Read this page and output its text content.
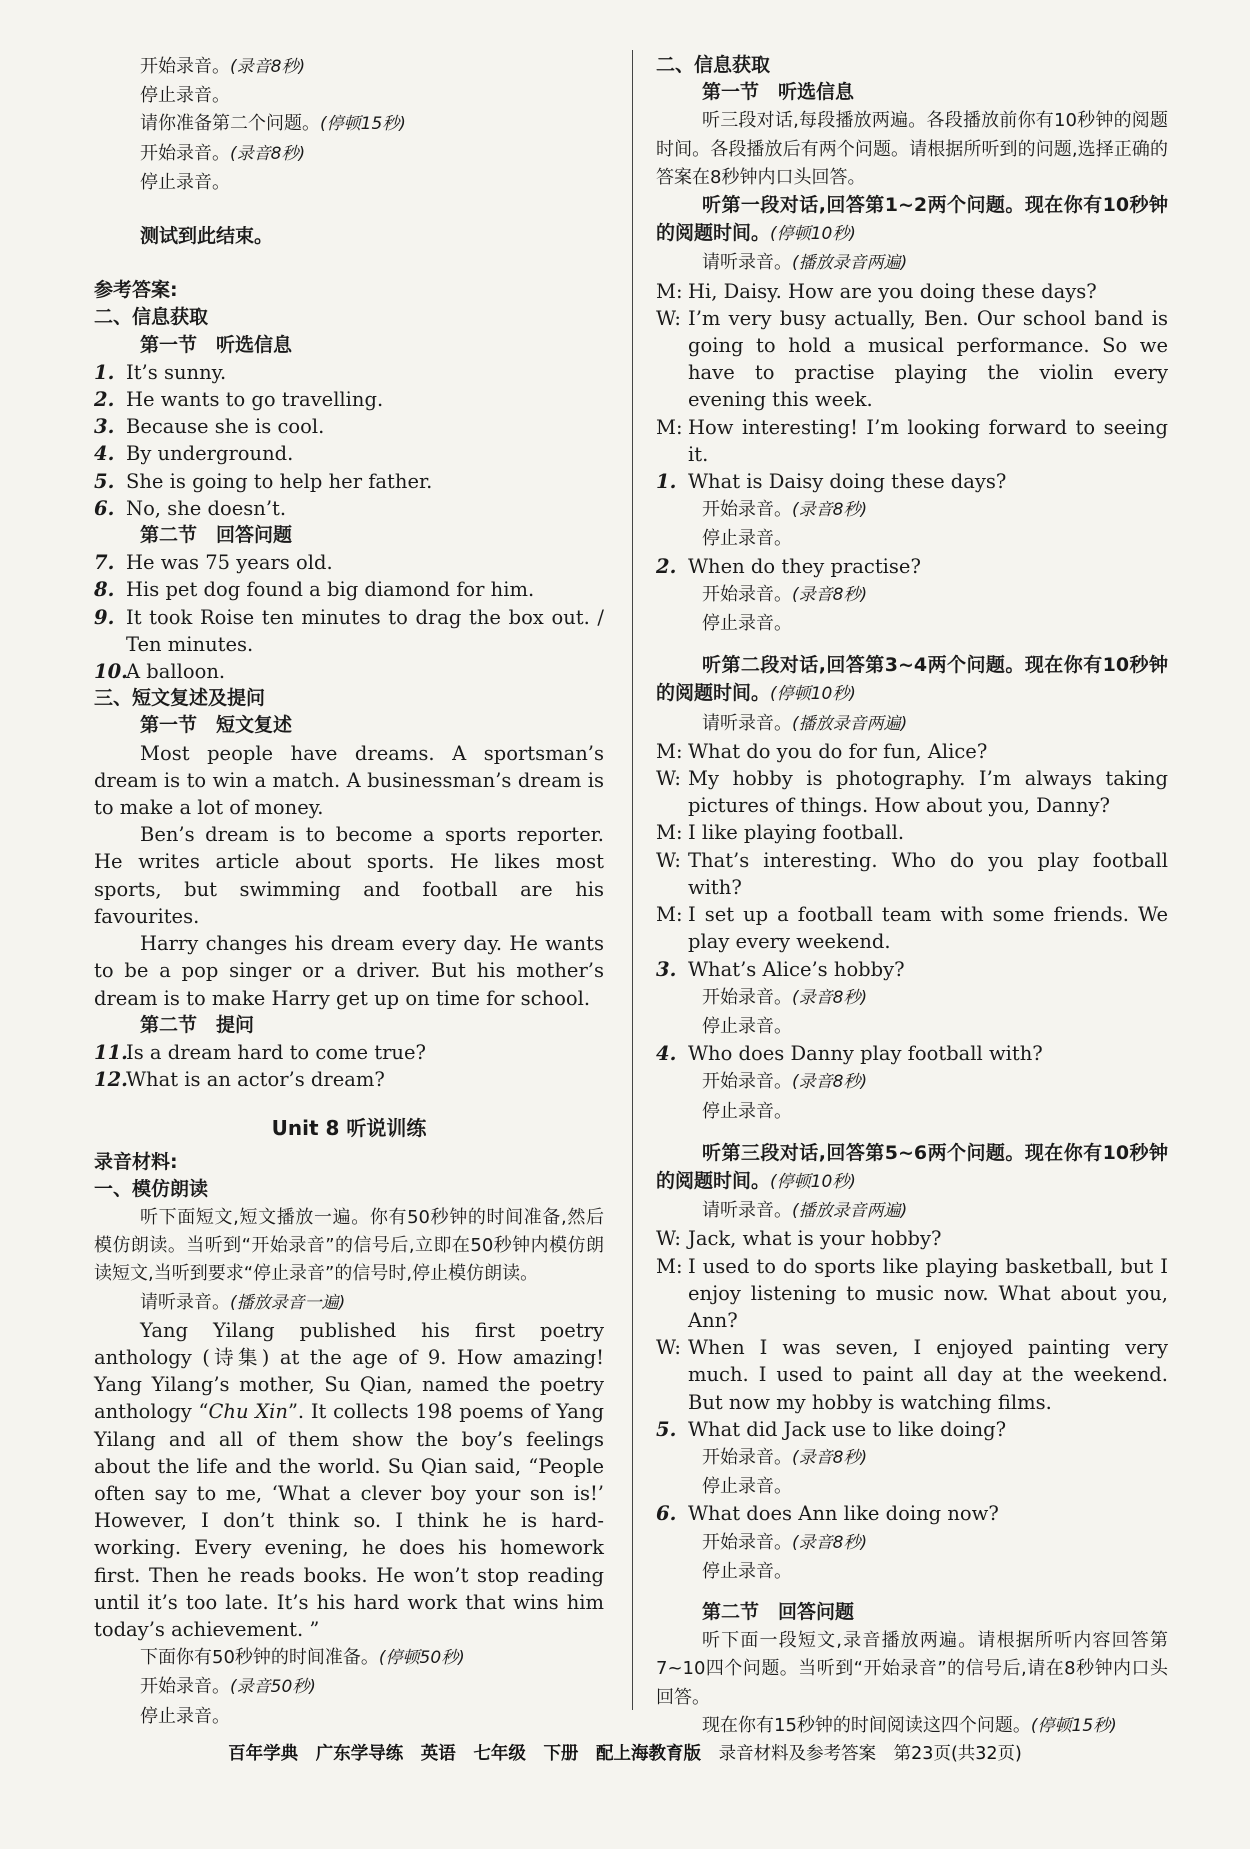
开始录音。(录音8秒)

停止录音。

请你准备第二个问题。(停顿15秒)

开始录音。(录音8秒)

停止录音。

测试到此结束。

参考答案:

二、信息获取

第一节　听选信息

1. It’s sunny.

2. He wants to go travelling.

3. Because she is cool.

4. By underground.

5. She is going to help her father.

6. No, she doesn’t.

第二节　回答问题

7. He was 75 years old.

8. His pet dog found a big diamond for him.

9. It took Roise ten minutes to drag the box out. / Ten minutes.

10.A balloon.

三、短文复述及提问

第一节　短文复述

Most people have dreams. A sportsman’s dream is to win a match. A businessman’s dream is to make a lot of money.

Ben’s dream is to become a sports reporter. He writes article about sports. He likes most sports, but swimming and football are his favourites.

Harry changes his dream every day. He wants to be a pop singer or a driver. But his mother’s dream is to make Harry get up on time for school.

第二节　提问

11.Is a dream hard to come true?

12.What is an actor’s dream?

Unit 8 听说训练

录音材料:

一、模仿朗读

听下面短文,短文播放一遍。你有50秒钟的时间准备,然后模仿朗读。当听到“开始录音”的信号后,立即在50秒钟内模仿朗读短文,当听到要求“停止录音”的信号时,停止模仿朗读。

请听录音。(播放录音一遍)

Yang Yilang published his first poetry anthology (诗集) at the age of 9. How amazing! Yang Yilang’s mother, Su Qian, named the poetry anthology “Chu Xin”. It collects 198 poems of Yang Yilang and all of them show the boy’s feelings about the life and the world. Su Qian said, “People often say to me, ‘What a clever boy your son is!’ However, I don’t think so. I think he is hard-working. Every evening, he does his homework first. Then he reads books. He won’t stop reading until it’s too late. It’s his hard work that wins him today’s achievement. ”

下面你有50秒钟的时间准备。(停顿50秒)

开始录音。(录音50秒)

停止录音。

二、信息获取

第一节　听选信息

听三段对话,每段播放两遍。各段播放前你有10秒钟的阅题时间。各段播放后有两个问题。请根据所听到的问题,选择正确的答案在8秒钟内口头回答。

听第一段对话,回答第1~2两个问题。现在你有10秒钟的阅题时间。(停顿10秒)

请听录音。(播放录音两遍)

M: Hi, Daisy. How are you doing these days?

W: I’m very busy actually, Ben. Our school band is going to hold a musical performance. So we have to practise playing the violin every evening this week.

M: How interesting! I’m looking forward to seeing it.

1. What is Daisy doing these days?

开始录音。(录音8秒)

停止录音。

2. When do they practise?

开始录音。(录音8秒)

停止录音。

听第二段对话,回答第3~4两个问题。现在你有10秒钟的阅题时间。(停顿10秒)

请听录音。(播放录音两遍)

M: What do you do for fun, Alice?

W: My hobby is photography. I’m always taking pictures of things. How about you, Danny?

M: I like playing football.

W: That’s interesting. Who do you play football with?

M: I set up a football team with some friends. We play every weekend.

3. What’s Alice’s hobby?

开始录音。(录音8秒)

停止录音。

4. Who does Danny play football with?

开始录音。(录音8秒)

停止录音。

听第三段对话,回答第5~6两个问题。现在你有10秒钟的阅题时间。(停顿10秒)

请听录音。(播放录音两遍)

W: Jack, what is your hobby?

M: I used to do sports like playing basketball, but I enjoy listening to music now. What about you, Ann?

W: When I was seven, I enjoyed painting very much. I used to paint all day at the weekend. But now my hobby is watching films.

5. What did Jack use to like doing?

开始录音。(录音8秒)

停止录音。

6. What does Ann like doing now?

开始录音。(录音8秒)

停止录音。

第二节　回答问题

听下面一段短文,录音播放两遍。请根据所听内容回答第7~10四个问题。当听到“开始录音”的信号后,请在8秒钟内口头回答。

现在你有15秒钟的时间阅读这四个问题。(停顿15秒)

百年学典 广东学导练 英语 七年级 下册 配上海教育版 录音材料及参考答案 第23页(共32页)
